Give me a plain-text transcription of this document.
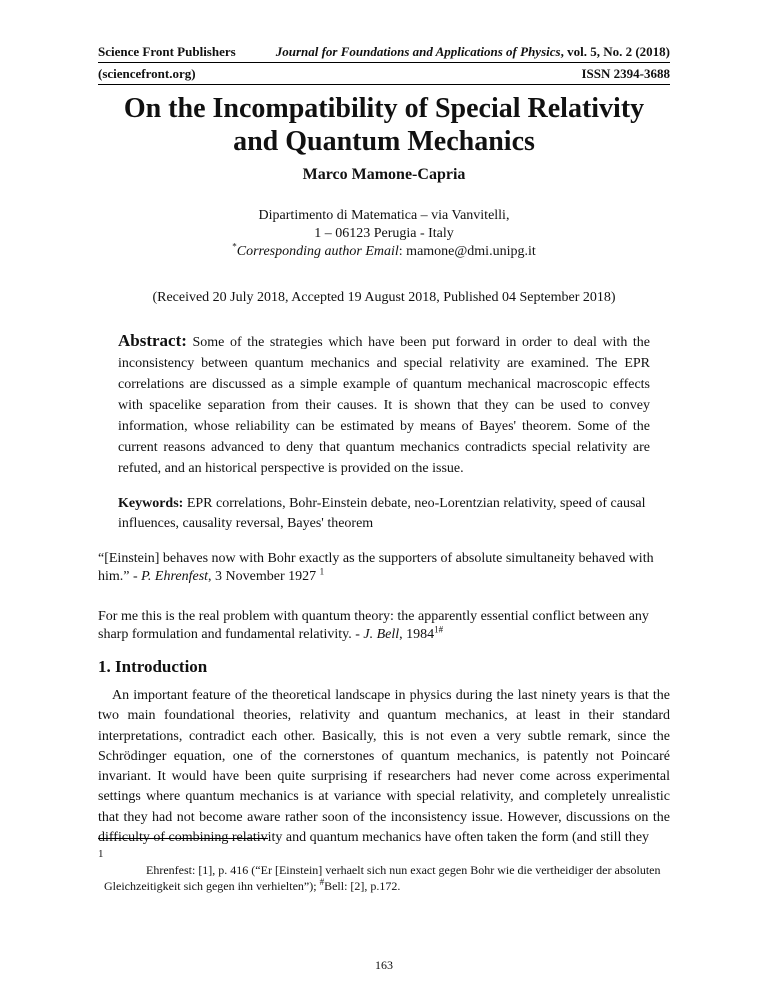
Science Front Publishers	Journal for Foundations and Applications of Physics, vol. 5, No. 2 (2018)
(sciencefront.org)	ISSN 2394-3688
On the Incompatibility of Special Relativity
and Quantum Mechanics
Marco Mamone-Capria
Dipartimento di Matematica – via Vanvitelli,
1 – 06123 Perugia - Italy
*Corresponding author Email: mamone@dmi.unipg.it
(Received 20 July 2018, Accepted 19 August 2018, Published 04 September 2018)
Abstract: Some of the strategies which have been put forward in order to deal with the inconsistency between quantum mechanics and special relativity are examined. The EPR correlations are discussed as a simple example of quantum mechanical macroscopic effects with spacelike separation from their causes. It is shown that they can be used to convey information, whose reliability can be estimated by means of Bayes' theorem. Some of the current reasons advanced to deny that quantum mechanics contradicts special relativity are refuted, and an historical perspective is provided on the issue.
Keywords: EPR correlations, Bohr-Einstein debate, neo-Lorentzian relativity, speed of causal influences, causality reversal, Bayes' theorem
“[Einstein] behaves now with Bohr exactly as the supporters of absolute simultaneity behaved with him.” - P. Ehrenfest, 3 November 1927 $^1$
For me this is the real problem with quantum theory: the apparently essential conflict between any sharp formulation and fundamental relativity. - J. Bell, $1984^{1\#}$
1. Introduction
An important feature of the theoretical landscape in physics during the last ninety years is that the two main foundational theories, relativity and quantum mechanics, at least in their standard interpretations, contradict each other. Basically, this is not even a very subtle remark, since the Schrödinger equation, one of the cornerstones of quantum mechanics, is patently not Poincaré invariant. It would have been quite surprising if researchers had never come across experimental settings where quantum mechanics is at variance with special relativity, and completely unrealistic that they had not become aware rather soon of the inconsistency issue. However, discussions on the difficulty of combining relativity and quantum mechanics have often taken the form (and still they
1
Ehrenfest: [1], p. 416 (“Er [Einstein] verhaelt sich nun exact gegen Bohr wie die vertheidiger der absoluten Gleichzeitigkeit sich gegen ihn verhielten”); #Bell: [2], p.172.
163
